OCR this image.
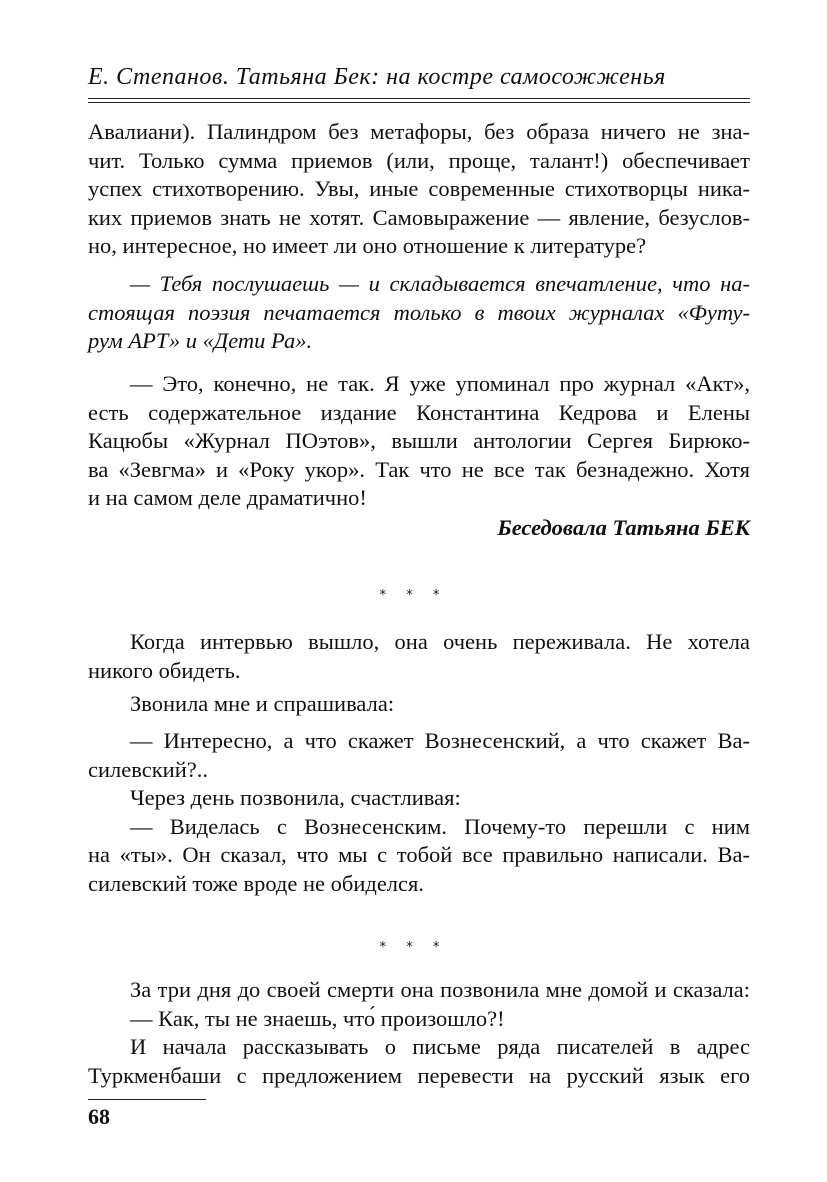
Е. Степанов. Татьяна Бек: на костре самосожженья
Авалиани). Палиндром без метафоры, без образа ничего не зна-
чит. Только сумма приемов (или, проще, талант!) обеспечивает
успех стихотворению. Увы, иные современные стихотворцы ника-
ких приемов знать не хотят. Самовыражение — явление, безуслов-
но, интересное, но имеет ли оно отношение к литературе?
— Тебя послушаешь — и складывается впечатление, что на-
стоящая поэзия печатается только в твоих журналах «Футу-
рум АРТ» и «Дети Ра».
— Это, конечно, не так. Я уже упоминал про журнал «Акт»,
есть содержательное издание Константина Кедрова и Елены
Кацюбы «Журнал ПОэтов», вышли антологии Сергея Бирюко-
ва «Зевгма» и «Року укор». Так что не все так безнадежно. Хотя
и на самом деле драматично!
Беседовала Татьяна БЕК
* * *
Когда интервью вышло, она очень переживала. Не хотела
никого обидеть.
Звонила мне и спрашивала:
— Интересно, а что скажет Вознесенский, а что скажет Ва-
силевский?..
Через день позвонила, счастливая:
— Виделась с Вознесенским. Почему-то перешли с ним
на «ты». Он сказал, что мы с тобой все правильно написали. Ва-
силевский тоже вроде не обиделся.
* * *
За три дня до своей смерти она позвонила мне домой и сказала:
— Как, ты не знаешь, что́ произошло?!
И начала рассказывать о письме ряда писателей в адрес
Туркменбаши с предложением перевести на русский язык его
68
